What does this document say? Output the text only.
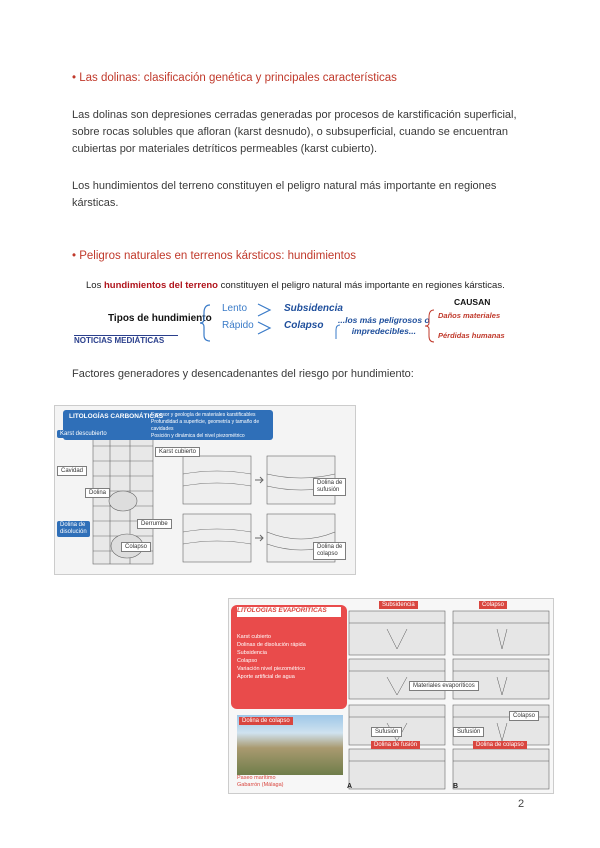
• Las dolinas: clasificación genética y principales características
Las dolinas son depresiones cerradas generadas por procesos de karstificación superficial,
sobre rocas solubles que afloran (karst desnudo), o subsuperficial, cuando se encuentran
cubiertas por materiales detríticos permeables (karst cubierto).
Los hundimientos del terreno constituyen el peligro natural más importante en regiones
kársticas.
• Peligros naturales en terrenos kársticos: hundimientos
Los hundimientos del terreno constituyen el peligro natural más importante en regiones kársticas.
Tipos de hundimiento
Lento
Rápido
Subsidencia
Colapso ...los más peligrosos o
impredecibles...
CAUSAN
Daños materiales
Pérdidas humanas
NOTICIAS MEDIÁTICAS
Factores generadores y desencadenantes del riesgo por hundimiento:
LITOLOGÍAS CARBONÁTICAS
Espesor y geología de materiales karstificables
Profundidad a superficie, geometría y tamaño de cavidades
Posición y dinámica del nivel piezométrico
Karst descubierto
Karst cubierto
Cavidad
Dolina
Dolina de
disolución
Derrumbe
Colapso
Dolina de
sufusión
Dolina de
colapso
LITOLOGÍAS EVAPORÍTICAS
Karst cubierto
Dolinas de disolución rápida
Subsidencia
Colapso
Variación nivel piezométrico
Aporte artificial de agua
Dolina de colapso
Paseo marítimo
Gabarrón (Málaga)
Subsidencia	Colapso
Materiales evaporíticos
Sufusión	Sufusión
Colapso
Dolina de fusión	Dolina de colapso
A	B
2
